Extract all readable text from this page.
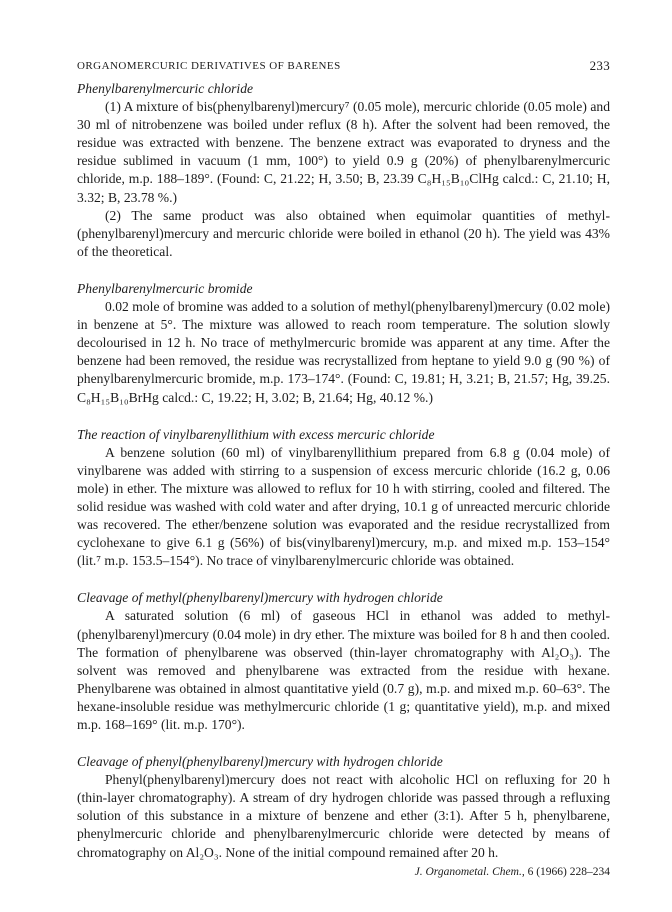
ORGANOMERCURIC DERIVATIVES OF BARENES	233

Phenylbarenylmercuric chloride

(1) A mixture of bis(phenylbarenyl)mercury⁷ (0.05 mole), mercuric chloride (0.05 mole) and 30 ml of nitrobenzene was boiled under reflux (8 h). After the solvent had been removed, the residue was extracted with benzene. The benzene extract was evaporated to dryness and the residue sublimed in vacuum (1 mm, 100°) to yield 0.9 g (20%) of phenylbarenylmercuric chloride, m.p. 188–189°. (Found: C, 21.22; H, 3.50; B, 23.39 C₈H₁₅B₁₀ClHg calcd.: C, 21.10; H, 3.32; B, 23.78 %.)

(2) The same product was also obtained when equimolar quantities of methyl(phenylbarenyl)mercury and mercuric chloride were boiled in ethanol (20 h). The yield was 43% of the theoretical.

Phenylbarenylmercuric bromide

0.02 mole of bromine was added to a solution of methyl(phenylbarenyl)mercury (0.02 mole) in benzene at 5°. The mixture was allowed to reach room temperature. The solution slowly decolourised in 12 h. No trace of methylmercuric bromide was apparent at any time. After the benzene had been removed, the residue was recrystallized from heptane to yield 9.0 g (90 %) of phenylbarenylmercuric bromide, m.p. 173–174°. (Found: C, 19.81; H, 3.21; B, 21.57; Hg, 39.25. C₈H₁₅B₁₀BrHg calcd.: C, 19.22; H, 3.02; B, 21.64; Hg, 40.12 %.)

The reaction of vinylbarenyllithium with excess mercuric chloride

A benzene solution (60 ml) of vinylbarenyllithium prepared from 6.8 g (0.04 mole) of vinylbarene was added with stirring to a suspension of excess mercuric chloride (16.2 g, 0.06 mole) in ether. The mixture was allowed to reflux for 10 h with stirring, cooled and filtered. The solid residue was washed with cold water and after drying, 10.1 g of unreacted mercuric chloride was recovered. The ether/benzene solution was evaporated and the residue recrystallized from cyclohexane to give 6.1 g (56%) of bis(vinylbarenyl)mercury, m.p. and mixed m.p. 153–154° (lit.⁷ m.p. 153.5–154°). No trace of vinylbarenylmercuric chloride was obtained.

Cleavage of methyl(phenylbarenyl)mercury with hydrogen chloride

A saturated solution (6 ml) of gaseous HCl in ethanol was added to methyl(phenylbarenyl)mercury (0.04 mole) in dry ether. The mixture was boiled for 8 h and then cooled. The formation of phenylbarene was observed (thin-layer chromatography with Al₂O₃). The solvent was removed and phenylbarene was extracted from the residue with hexane. Phenylbarene was obtained in almost quantitative yield (0.7 g), m.p. and mixed m.p. 60–63°. The hexane-insoluble residue was methylmercuric chloride (1 g; quantitative yield), m.p. and mixed m.p. 168–169° (lit. m.p. 170°).

Cleavage of phenyl(phenylbarenyl)mercury with hydrogen chloride

Phenyl(phenylbarenyl)mercury does not react with alcoholic HCl on refluxing for 20 h (thin-layer chromatography). A stream of dry hydrogen chloride was passed through a refluxing solution of this substance in a mixture of benzene and ether (3:1). After 5 h, phenylbarene, phenylmercuric chloride and phenylbarenylmercuric chloride were detected by means of chromatography on Al₂O₃. None of the initial compound remained after 20 h.

J. Organometal. Chem., 6 (1966) 228–234
